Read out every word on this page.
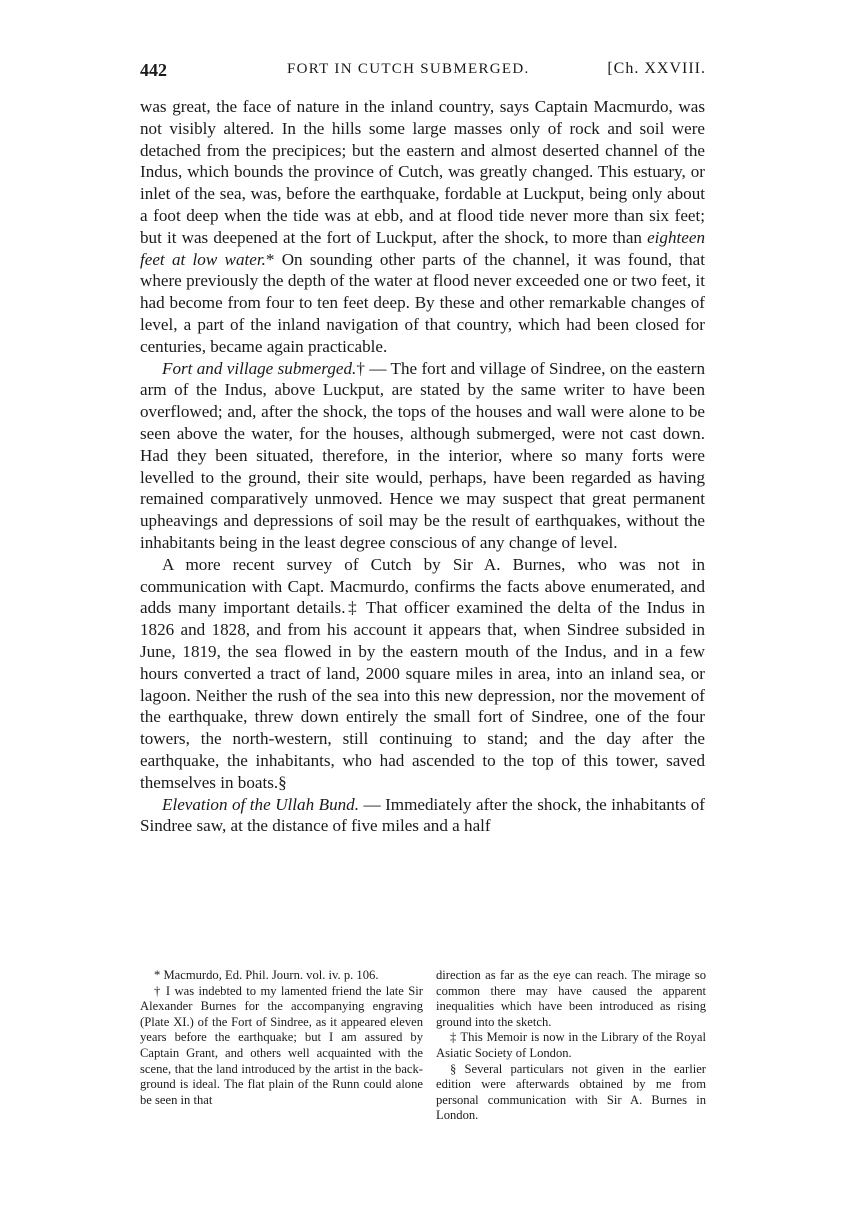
442	FORT IN CUTCH SUBMERGED.	[Ch. XXVIII.

was great, the face of nature in the inland country, says Captain Macmurdo, was not visibly altered. In the hills some large masses only of rock and soil were detached from the precipices; but the eastern and almost deserted channel of the Indus, which bounds the province of Cutch, was greatly changed. This estuary, or inlet of the sea, was, before the earthquake, fordable at Luckput, being only about a foot deep when the tide was at ebb, and at flood tide never more than six feet; but it was deepened at the fort of Luckput, after the shock, to more than eighteen feet at low water.* On sounding other parts of the channel, it was found, that where previously the depth of the water at flood never exceeded one or two feet, it had become from four to ten feet deep. By these and other remarkable changes of level, a part of the inland navigation of that country, which had been closed for centuries, became again practicable.

Fort and village submerged.† — The fort and village of Sindree, on the eastern arm of the Indus, above Luckput, are stated by the same writer to have been overflowed; and, after the shock, the tops of the houses and wall were alone to be seen above the water, for the houses, although submerged, were not cast down. Had they been situated, therefore, in the interior, where so many forts were levelled to the ground, their site would, perhaps, have been regarded as having remained comparatively unmoved. Hence we may suspect that great permanent upheavings and depressions of soil may be the result of earthquakes, without the inhabitants being in the least degree conscious of any change of level.

A more recent survey of Cutch by Sir A. Burnes, who was not in communication with Capt. Macmurdo, confirms the facts above enumerated, and adds many important details.‡ That officer examined the delta of the Indus in 1826 and 1828, and from his account it appears that, when Sindree subsided in June, 1819, the sea flowed in by the eastern mouth of the Indus, and in a few hours converted a tract of land, 2000 square miles in area, into an inland sea, or lagoon. Neither the rush of the sea into this new depression, nor the movement of the earthquake, threw down entirely the small fort of Sindree, one of the four towers, the north-western, still continuing to stand; and the day after the earthquake, the inhabitants, who had ascended to the top of this tower, saved themselves in boats.§

Elevation of the Ullah Bund. — Immediately after the shock, the inhabitants of Sindree saw, at the distance of five miles and a half

* Macmurdo, Ed. Phil. Journ. vol. iv. p. 106.

† I was indebted to my lamented friend the late Sir Alexander Burnes for the accompanying engraving (Plate XI.) of the Fort of Sindree, as it appeared eleven years before the earthquake; but I am assured by Captain Grant, and others well acquainted with the scene, that the land introduced by the artist in the back-ground is ideal. The flat plain of the Runn could alone be seen in that

direction as far as the eye can reach. The mirage so common there may have caused the apparent inequalities which have been introduced as rising ground into the sketch.

‡ This Memoir is now in the Library of the Royal Asiatic Society of London.

§ Several particulars not given in the earlier edition were afterwards obtained by me from personal communication with Sir A. Burnes in London.
